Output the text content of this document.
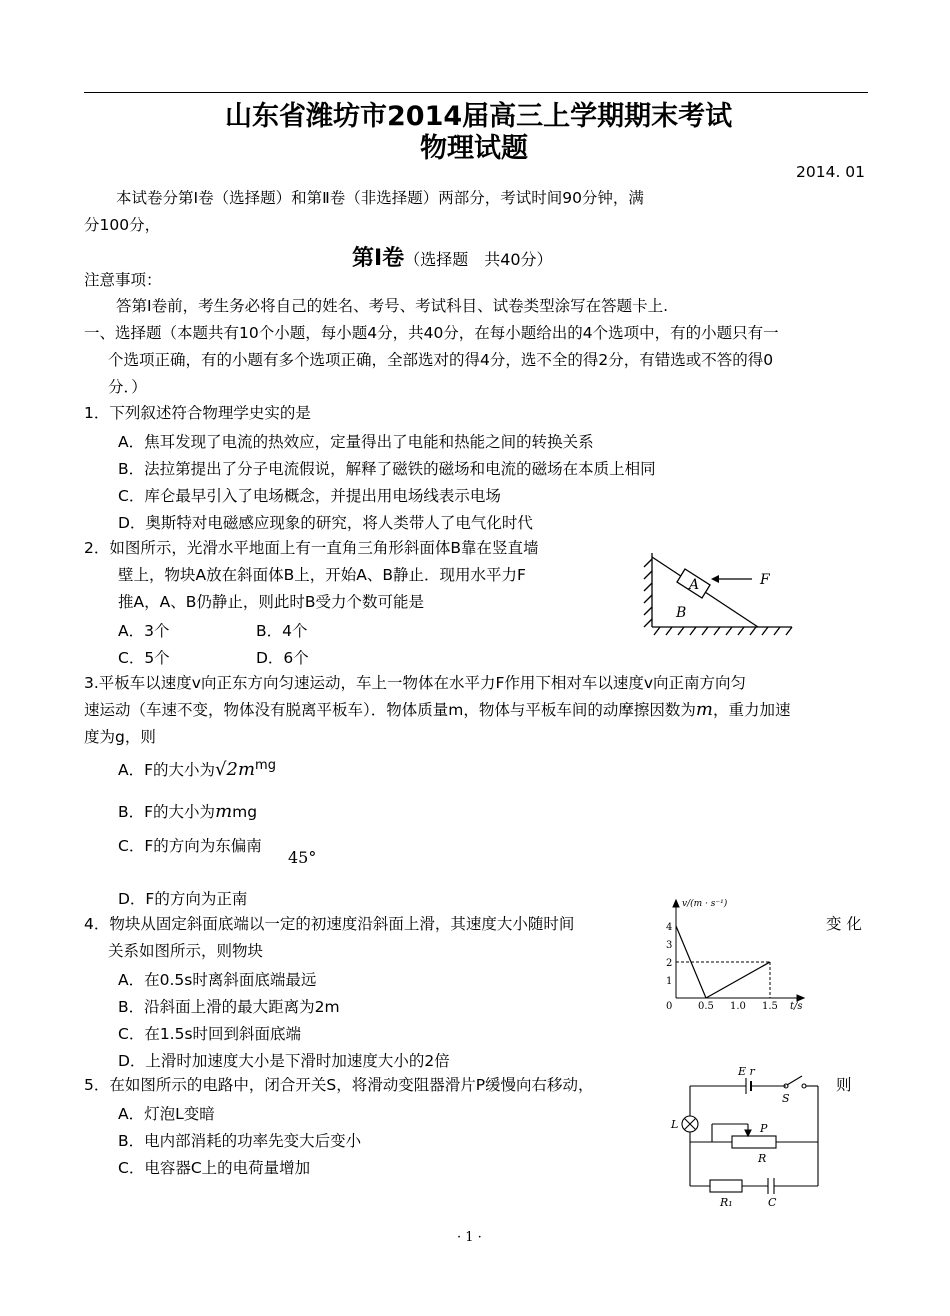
山东省潍坊市2014届高三上学期期末考试
物理试题
2014. 01
本试卷分第Ⅰ卷（选择题）和第Ⅱ卷（非选择题）两部分，考试时间90分钟，满
分100分，
第Ⅰ卷（选择题　共40分）
注意事项：
答第Ⅰ卷前，考生务必将自己的姓名、考号、考试科目、试卷类型涂写在答题卡上.
一、选择题（本题共有10个小题，每小题4分，共40分，在每小题给出的4个选项中，有的小题只有一
个选项正确，有的小题有多个选项正确，全部选对的得4分，选不全的得2分，有错选或不答的得0
分．）
1．下列叙述符合物理学史实的是
A．焦耳发现了电流的热效应，定量得出了电能和热能之间的转换关系
B．法拉第提出了分子电流假说，解释了磁铁的磁场和电流的磁场在本质上相同
C．库仑最早引入了电场概念，并提出用电场线表示电场
D．奥斯特对电磁感应现象的研究，将人类带人了电气化时代
2．如图所示，光滑水平地面上有一直角三角形斜面体B靠在竖直墙
壁上，物块A放在斜面体B上，开始A、B静止．现用水平力F
推A，A、B仍静止，则此时B受力个数可能是
A．3个	B．4个
C．5个	D．6个
A
B
F
3.平板车以速度v向正东方向匀速运动，车上一物体在水平力F作用下相对车以速度v向正南方向匀
速运动（车速不变，物体没有脱离平板车）．物体质量m，物体与平板车间的动摩擦因数为m，重力加速
度为g，则
A．F的大小为$√2m^{mg}$
B．F的大小为mmg
C．F的方向为东偏南
45°
D．F的方向为正南
4．物块从固定斜面底端以一定的初速度沿斜面上滑，其速度大小随时间	变 化
关系如图所示，则物块
A．在0.5s时离斜面底端最远
B．沿斜面上滑的最大距离为2m
C．在1.5s时回到斜面底端
D．上滑时加速度大小是下滑时加速度大小的2倍
v/(m · s⁻¹)
4
3
2
1
0	0.5 1.0 1.5 t/s
5．在如图所示的电路中，闭合开关S，将滑动变阻器滑片P缓慢向右移动，	则
A．灯泡L变暗
B．电内部消耗的功率先变大后变小
C．电容器C上的电荷量增加
E r
S
L	P
R
R₁	C
· 1 ·
